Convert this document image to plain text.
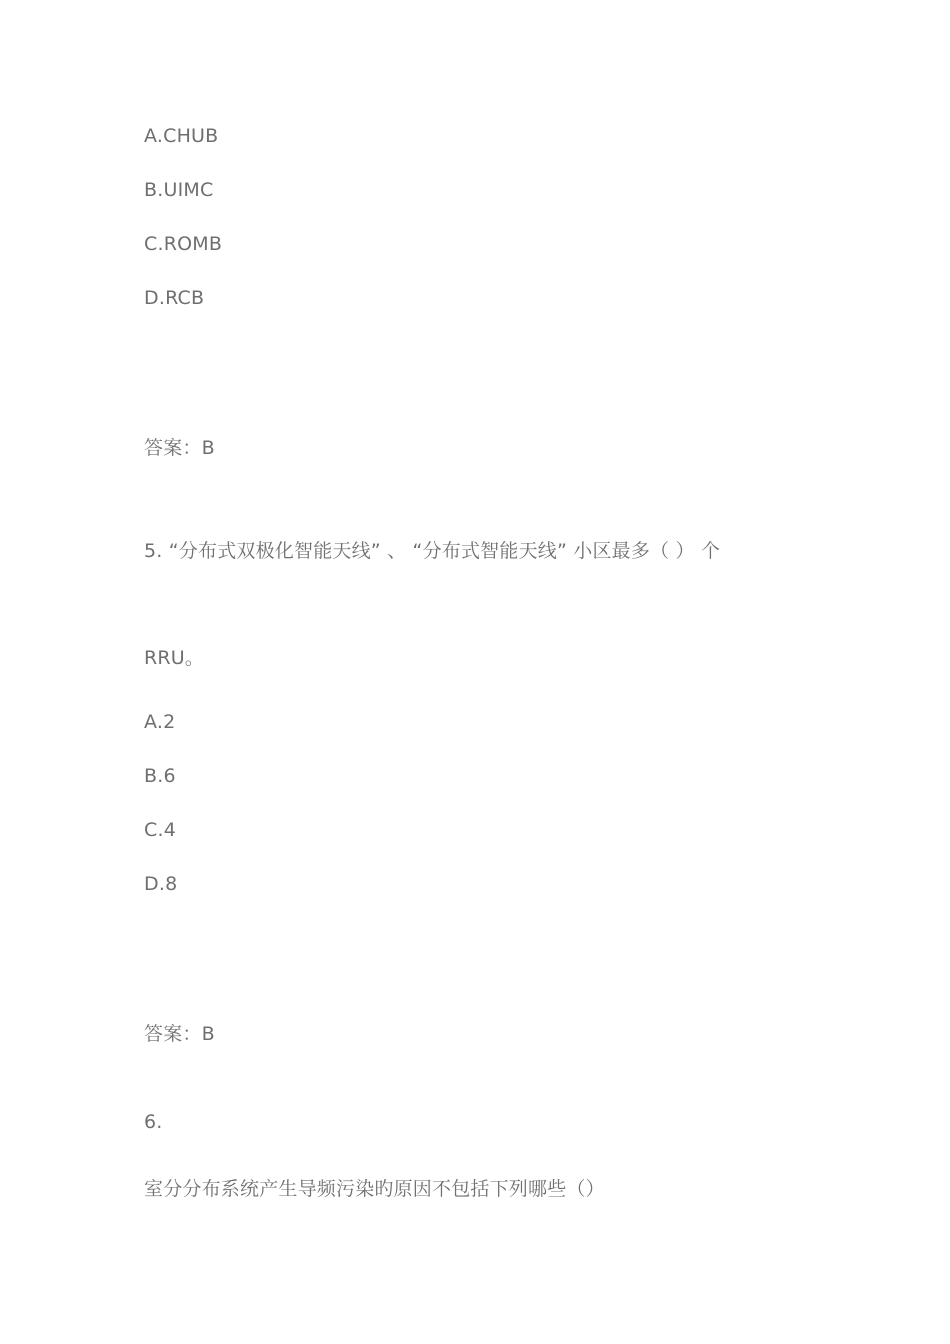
A.CHUB
B.UIMC
C.ROMB
D.RCB
答案：B
5. “分布式双极化智能天线” 、 “分布式智能天线” 小区最多（ ） 个
RRU。
A.2
B.6
C.4
D.8
答案：B
6.
室分分布系统产生导频污染旳原因不包括下列哪些（）
